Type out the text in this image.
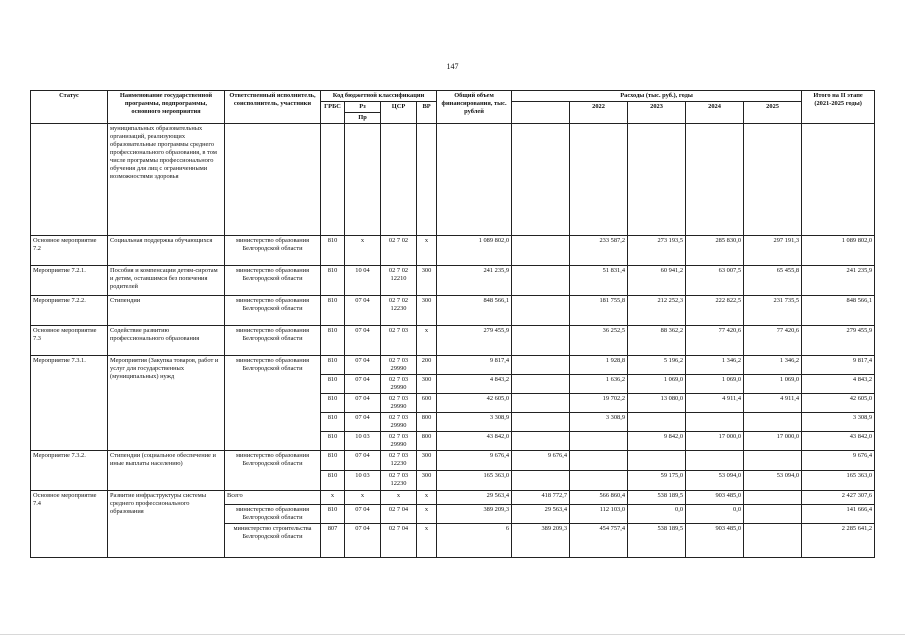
147
Статус	Наименование государственной программы, подпрограммы, основного мероприятия	Ответственный исполнитель, соисполнитель, участники	Код бюджетной классификации				Общий объем финансирования, тыс. рублей	Расходы (тыс. руб.), годы					Итого на II этапе (2021-2025 годы)
			ГРБС	Рз	ЦСР	ВР			2022	2023	2024	2025	
				Пр									
	муниципальных образовательных организаций, реализующих образовательные программы среднего профессионального образования, в том числе программы профессионального обучения для лиц с ограниченными возможностями здоровья												
Основное мероприятие 7.2	Социальная поддержка обучающихся	министерство образования Белгородской области	810	х	02 7 02	х	1 089 802,0		233 587,2	273 193,5	285 830,0	297 191,3	1 089 802,0
Мероприятие 7.2.1.	Пособия и компенсации детям-сиротам и детям, оставшимся без попечения родителей	министерство образования Белгородской области	810	10 04	02 7 02 12210	300	241 235,9		51 831,4	60 941,2	63 007,5	65 455,8	241 235,9
Мероприятие 7.2.2.	Стипендии	министерство образования Белгородской области	810	07 04	02 7 02 12230	300	848 566,1		181 755,8	212 252,3	222 822,5	231 735,5	848 566,1
Основное мероприятие 7.3	Содействие развитию профессионального образования	министерство образования Белгородской области	810	07 04	02 7 03	х	279 455,9		36 252,5	88 362,2	77 420,6	77 420,6	279 455,9
Мероприятие 7.3.1.	Мероприятия (Закупка товаров, работ и услуг для государственных (муниципальных) нужд	министерство образования Белгородской области	810	07 04	02 7 03 29990	200	9 817,4		1 928,8	5 196,2	1 346,2	1 346,2	9 817,4
			810	07 04	02 7 03 29990	300	4 843,2		1 636,2	1 069,0	1 069,0	1 069,0	4 843,2
			810	07 04	02 7 03 29990	600	42 605,0		19 702,2	13 080,0	4 911,4	4 911,4	42 605,0
			810	07 04	02 7 03 29990	800	3 308,9		3 308,9				3 308,9
			810	10 03	02 7 03 29990	800	43 842,0			9 842,0	17 000,0	17 000,0	43 842,0
Мероприятие 7.3.2.	Стипендии (социальное обеспечение и иные выплаты населению)	министерство образования Белгородской области	810	07 04	02 7 03 12230	300	9 676,4	9 676,4					9 676,4
			810	10 03	02 7 03 12230	300	165 363,0			59 175,0	53 094,0	53 094,0	165 363,0
Основное мероприятие 7.4	Развитие инфраструктуры системы среднего профессионального образования	Всего	х	х	х	х	29 563,4	418 772,7	566 860,4	538 189,5	903 485,0		2 427 307,6
		министерство образования Белгородской области	810	07 04	02 7 04	х	389 209,3	29 563,4	112 103,0	0,0	0,0		141 666,4
		министерство строительства Белгородской области	807	07 04	02 7 04	х	6	389 209,3	454 757,4	538 189,5	903 485,0		2 285 641,2
